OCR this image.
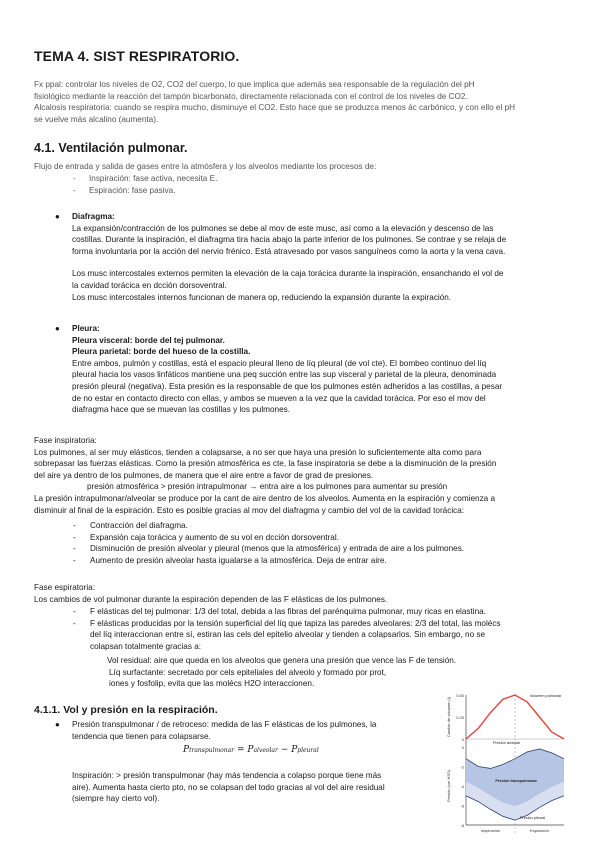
TEMA 4. SIST RESPIRATORIO.

Fx ppal: controlar los niveles de O2, CO2 del cuerpo, lo que implica que además sea responsable de la regulación del pH

fisiológico mediante la reacción del tampón bicarbonato, directamente relacionada con el control de los niveles de CO2.

Alcalosis respiratoria: cuando se respira mucho, disminuye el CO2. Esto hace que se produzca menos ác carbónico, y con ello el pH

se vuelve más alcalino (aumenta).

4.1. Ventilación pulmonar.

Flujo de entrada y salida de gases entre la atmósfera y los alveolos mediante los procesos de:

- Inspiración: fase activa, necesita E.

- Espiración: fase pasiva.

● Diafragma:

La expansión/contracción de los pulmones se debe al mov de este musc, así como a la elevación y descenso de las

costillas. Durante la inspiración, el diafragma tira hacia abajo la parte inferior de los pulmones. Se contrae y se relaja de

forma involuntaria por la acción del nervio frénico. Está atravesado por vasos sanguíneos como la aorta y la vena cava.

Los musc intercostales externos permiten la elevación de la caja torácica durante la inspiración, ensanchando el vol de

la cavidad torácica en dcción dorsoventral.

Los musc intercostales internos funcionan de manera op, reduciendo la expansión durante la expiración.

● Pleura:

Pleura visceral: borde del tej pulmonar.

Pleura parietal: borde del hueso de la costilla.

Entre ambos, pulmón y costillas, está el espacio pleural lleno de líq pleural (de vol cte). El bombeo continuo del líq

pleural hacia los vasos linfáticos mantiene una peq succión entre las sup visceral y parietal de la pleura, denominada

presión pleural (negativa). Esta presión es la responsable de que los pulmones estén adheridos a las costillas, a pesar

de no estar en contacto directo con ellas, y ambos se mueven a la vez que la cavidad torácica. Por eso el mov del

diafragma hace que se muevan las costillas y los pulmones.

Fase inspiratoria:

Los pulmones, al ser muy elásticos, tienden a colapsarse, a no ser que haya una presión lo suficientemente alta como para

sobrepasar las fuerzas elásticas. Como la presión atmosférica es cte, la fase inspiratoria se debe a la disminución de la presión

del aire ya dentro de los pulmones, de manera que el aire entre a favor de grad de presiones.

presión atmosférica > presión intrapulmonar → entra aire a los pulmones para aumentar su presión

La presión intrapulmonar/alveolar se produce por la cant de aire dentro de los alveolos. Aumenta en la espiración y comienza a

disminuir al final de la espiración. Esto es posible gracias al mov del diafragma y cambio del vol de la cavidad torácica:

- Contracción del diafragma.

- Expansión caja torácica y aumento de su vol en dcción dorsoventral.

- Disminución de presión alveolar y pleural (menos que la atmosférica) y entrada de aire a los pulmones.

- Aumento de presión alveolar hasta igualarse a la atmosférica. Deja de entrar aire.

Fase espiratoria:

Los cambios de vol pulmonar durante la espiración dependen de las F elásticas de los pulmones.

- F elásticas del tej pulmonar: 1/3 del total, debida a las fibras del parénquima pulmonar, muy ricas en elastina.

- F elásticas producidas por la tensión superficial del líq que tapiza las paredes alveolares: 2/3 del total, las molécs

del líq interaccionan entre sí, estiran las cels del epitelio alveolar y tienden a colapsarlos. Sin embargo, no se

colapsan totalmente gracias a:

Vol residual: aire que queda en los alveolos que genera una presión que vence las F de tensión.

Líq surfactante: secretado por cels epiteliales del alveolo y formado por prot,

iones y fosfolip, evita que las molécs H2O interaccionen.

4.1.1. Vol y presión en la respiración.

● Presión transpulmonar / de retroceso: medida de las F elásticas de los pulmones, la

tendencia que tienen para colapsarse.

Ptranspulmonar = Palveolar − Ppleural

Inspiración: > presión transpulmonar (hay más tendencia a colapso porque tiene más

aire). Aumenta hasta cierto pto, no se colapsan del todo gracias al vol del aire residual

(siempre hay cierto vol).

0.50
0.25
0
0
-2
-4
-6
-8
Cambio de volumen (l)
Presión (cm H2O)
Volumen pulmonar
Presión alveolar
Presión transpulmonar
Presión pleural
Inspiración	Espiración
